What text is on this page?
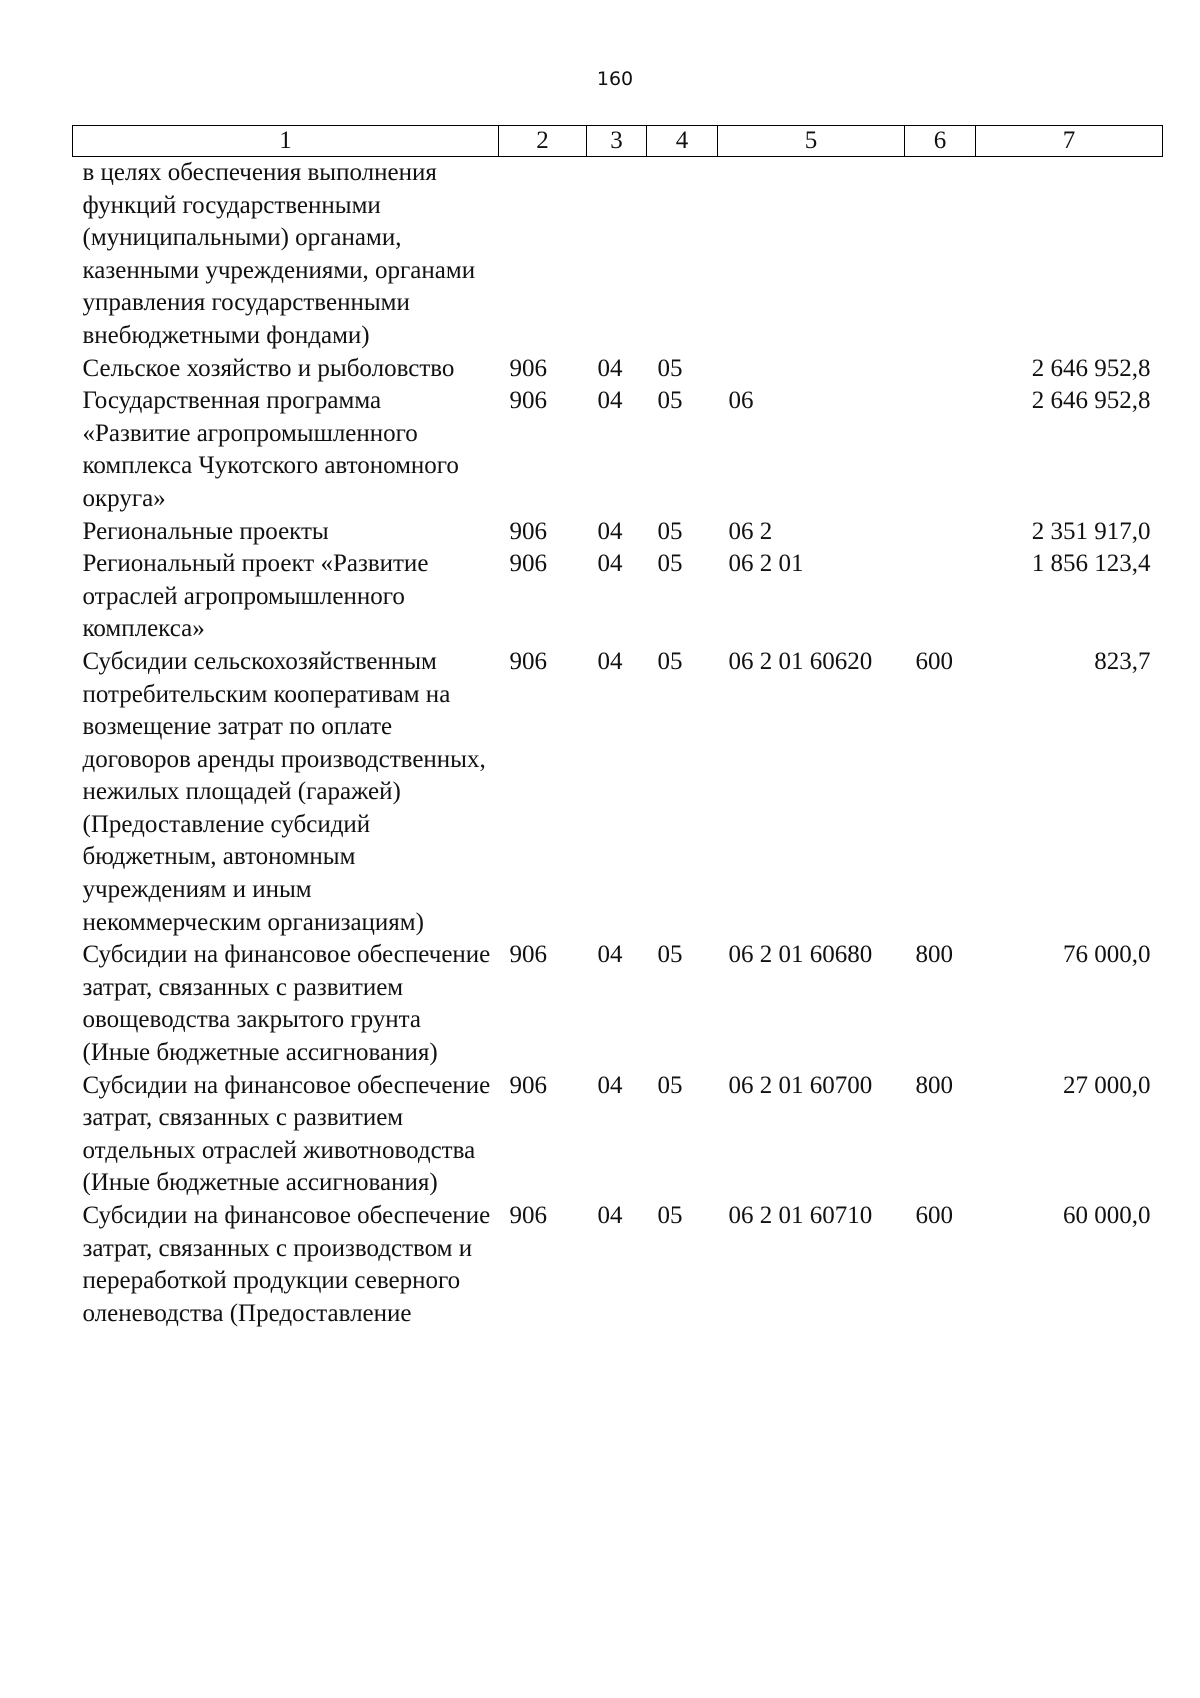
160
1	2	3	4	5	6	7
в целях обеспечения выполнения функций государственными (муниципальными) органами, казенными учреждениями, органами управления государственными внебюджетными фондами)						
Сельское хозяйство и рыболовство	906	04	05			2 646 952,8
Государственная программа «Развитие агропромышленного комплекса Чукотского автономного округа»	906	04	05	06		2 646 952,8
Региональные проекты	906	04	05	06 2		2 351 917,0
Региональный проект «Развитие отраслей агропромышленного комплекса»	906	04	05	06 2 01		1 856 123,4
Субсидии сельскохозяйственным потребительским кооперативам на возмещение затрат по оплате договоров аренды производственных, нежилых площадей (гаражей) (Предоставление субсидий бюджетным, автономным учреждениям и иным некоммерческим организациям)	906	04	05	06 2 01 60620	600	823,7
Субсидии на финансовое обеспечение затрат, связанных с развитием овощеводства закрытого грунта (Иные бюджетные ассигнования)	906	04	05	06 2 01 60680	800	76 000,0
Субсидии на финансовое обеспечение затрат, связанных с развитием отдельных отраслей животноводства (Иные бюджетные ассигнования)	906	04	05	06 2 01 60700	800	27 000,0
Субсидии на финансовое обеспечение затрат, связанных с производством и переработкой продукции северного оленеводства (Предоставление	906	04	05	06 2 01 60710	600	60 000,0
